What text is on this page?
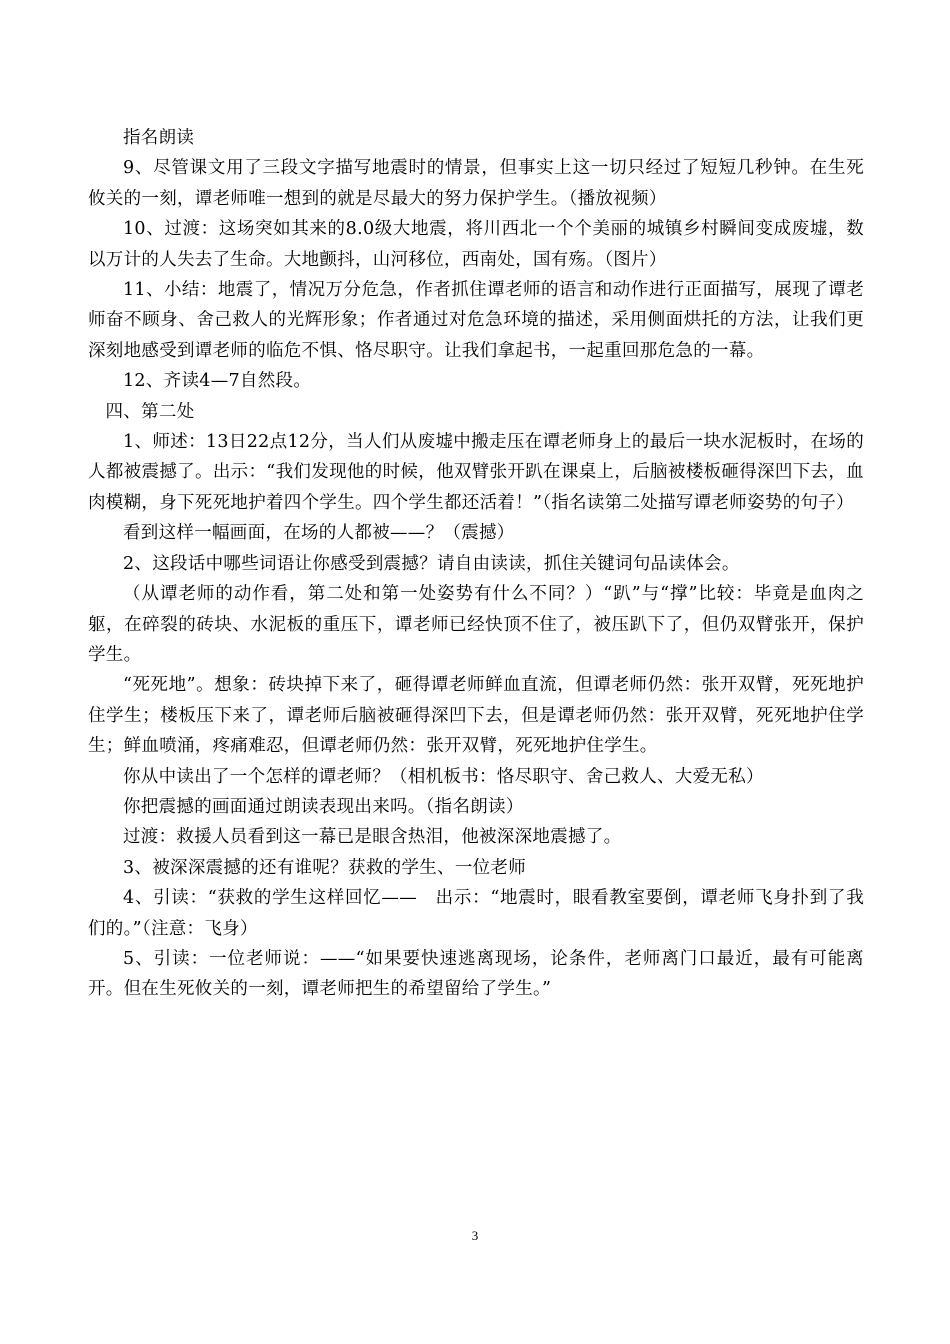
指名朗读

9、尽管课文用了三段文字描写地震时的情景，但事实上这一切只经过了短短几秒钟。在生死攸关的一刻，谭老师唯一想到的就是尽最大的努力保护学生。（播放视频）

10、过渡：这场突如其来的8.0级大地震，将川西北一个个美丽的城镇乡村瞬间变成废墟，数以万计的人失去了生命。大地颤抖，山河移位，西南处，国有殇。（图片）

11、小结：地震了，情况万分危急，作者抓住谭老师的语言和动作进行正面描写，展现了谭老师奋不顾身、舍己救人的光辉形象；作者通过对危急环境的描述，采用侧面烘托的方法，让我们更深刻地感受到谭老师的临危不惧、恪尽职守。让我们拿起书，一起重回那危急的一幕。

12、齐读4—7自然段。

四、第二处

1、师述：13日22点12分，当人们从废墟中搬走压在谭老师身上的最后一块水泥板时，在场的人都被震撼了。出示：“我们发现他的时候，他双臂张开趴在课桌上，后脑被楼板砸得深凹下去，血肉模糊，身下死死地护着四个学生。四个学生都还活着！”（指名读第二处描写谭老师姿势的句子）

看到这样一幅画面，在场的人都被——？（震撼）

2、这段话中哪些词语让你感受到震撼？请自由读读，抓住关键词句品读体会。

（从谭老师的动作看，第二处和第一处姿势有什么不同？）“趴”与“撑”比较：毕竟是血肉之躯，在碎裂的砖块、水泥板的重压下，谭老师已经快顶不住了，被压趴下了，但仍双臂张开，保护学生。

“死死地”。想象：砖块掉下来了，砸得谭老师鲜血直流，但谭老师仍然：张开双臂，死死地护住学生；楼板压下来了，谭老师后脑被砸得深凹下去，但是谭老师仍然：张开双臂，死死地护住学生；鲜血喷涌，疼痛难忍，但谭老师仍然：张开双臂，死死地护住学生。

你从中读出了一个怎样的谭老师？（相机板书：恪尽职守、舍己救人、大爱无私）

你把震撼的画面通过朗读表现出来吗。（指名朗读）

过渡：救援人员看到这一幕已是眼含热泪，他被深深地震撼了。

3、被深深震撼的还有谁呢？获救的学生、一位老师

4、引读：“获救的学生这样回忆——　出示：“地震时，眼看教室要倒，谭老师飞身扑到了我们的。”（注意：飞身）

5、引读：一位老师说：——“如果要快速逃离现场，论条件，老师离门口最近，最有可能离开。但在生死攸关的一刻，谭老师把生的希望留给了学生。”

3
